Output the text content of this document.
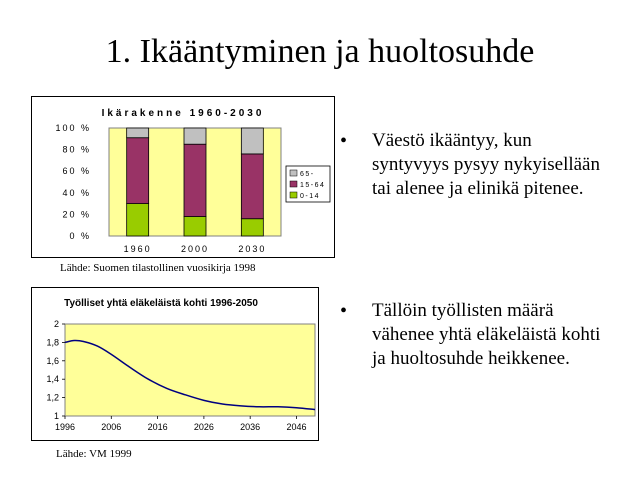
1. Ikääntyminen ja huoltosuhde
Ikärakenne 1960-2030
0 %
20 %
40 %
60 %
80 %
100 %
1960	2000	2030
65-
15-64
0-14
Lähde: Suomen tilastollinen vuosikirja 1998
Työlliset yhtä eläkeläistä kohti 1996-2050
1
1,2
1,4
1,6
1,8
2
1996	2006	2016	2026	2036	2046
Lähde: VM 1999
• Väestö ikääntyy, kun syntyvyys pysyy nykyisellään tai alenee ja elinikä pitenee.
• Tällöin työllisten määrä vähenee yhtä eläkeläistä kohti ja huoltosuhde heikkenee.
